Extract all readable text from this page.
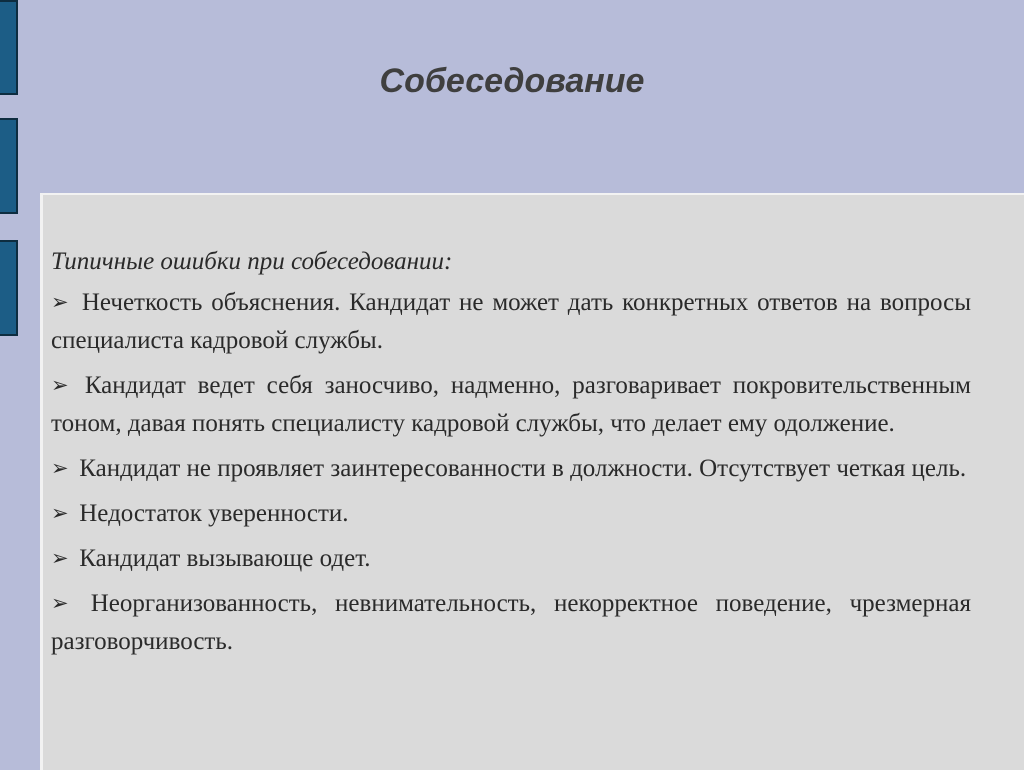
Собеседование

Типичные ошибки при собеседовании:

➢ Нечеткость объяснения. Кандидат не может дать конкретных ответов на вопросы специалиста кадровой службы.

➢ Кандидат ведет себя заносчиво, надменно, разговаривает покровительственным тоном, давая понять специалисту кадровой службы, что делает ему одолжение.

➢ Кандидат не проявляет заинтересованности в должности. Отсутствует четкая цель.

➢ Недостаток уверенности.

➢ Кандидат вызывающе одет.

➢ Неорганизованность, невнимательность, некорректное поведение, чрезмерная разговорчивость.
